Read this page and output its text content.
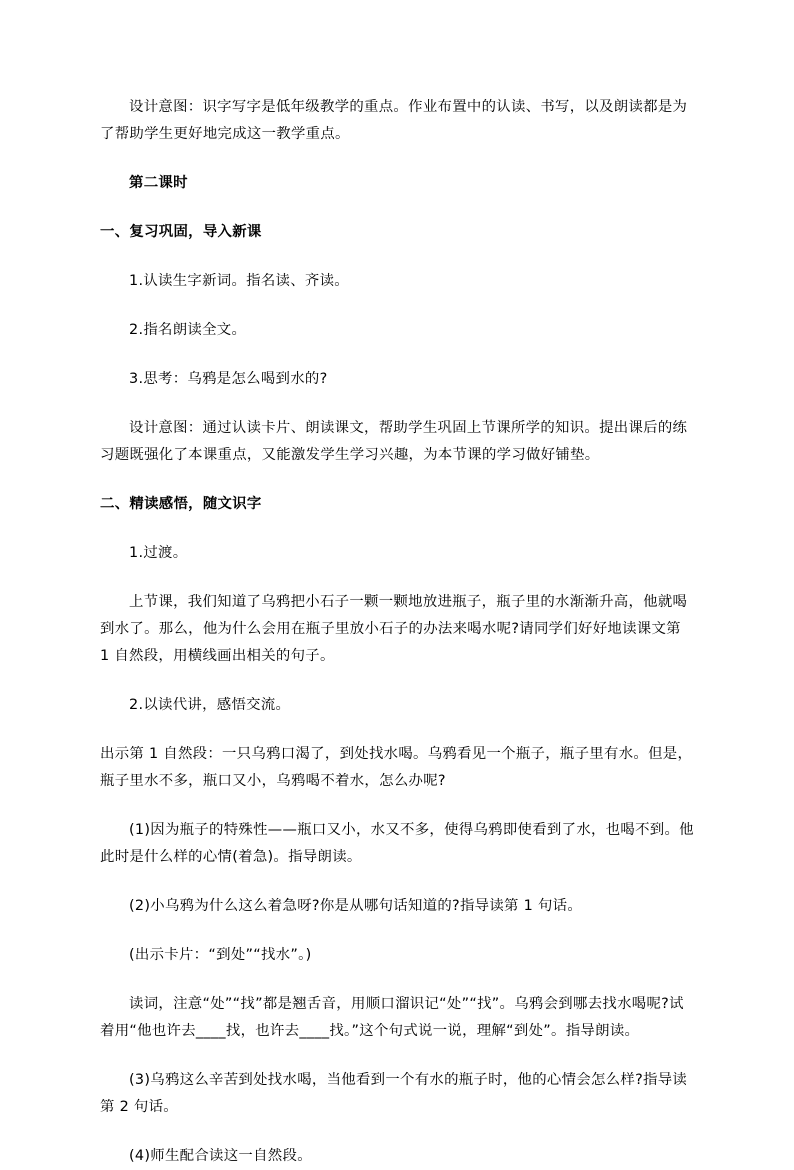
设计意图：识字写字是低年级教学的重点。作业布置中的认读、书写，以及朗读都是为了帮助学生更好地完成这一教学重点。

第二课时

一、复习巩固，导入新课

1.认读生字新词。指名读、齐读。

2.指名朗读全文。

3.思考：乌鸦是怎么喝到水的?

设计意图：通过认读卡片、朗读课文，帮助学生巩固上节课所学的知识。提出课后的练习题既强化了本课重点，又能激发学生学习兴趣，为本节课的学习做好铺垫。

二、精读感悟，随文识字

1.过渡。

上节课，我们知道了乌鸦把小石子一颗一颗地放进瓶子，瓶子里的水渐渐升高，他就喝到水了。那么，他为什么会用在瓶子里放小石子的办法来喝水呢?请同学们好好地读课文第 1 自然段，用横线画出相关的句子。

2.以读代讲，感悟交流。

出示第 1 自然段：一只乌鸦口渴了，到处找水喝。乌鸦看见一个瓶子，瓶子里有水。但是，瓶子里水不多，瓶口又小，乌鸦喝不着水，怎么办呢?

(1)因为瓶子的特殊性——瓶口又小，水又不多，使得乌鸦即使看到了水，也喝不到。他此时是什么样的心情(着急)。指导朗读。

(2)小乌鸦为什么这么着急呀?你是从哪句话知道的?指导读第 1 句话。

(出示卡片：“到处”“找水”。)

读词，注意“处”“找”都是翘舌音，用顺口溜识记“处”“找”。乌鸦会到哪去找水喝呢?试着用“他也许去____找，也许去____找。”这个句式说一说，理解“到处”。指导朗读。

(3)乌鸦这么辛苦到处找水喝，当他看到一个有水的瓶子时，他的心情会怎么样?指导读第 2 句话。

(4)师生配合读这一自然段。
